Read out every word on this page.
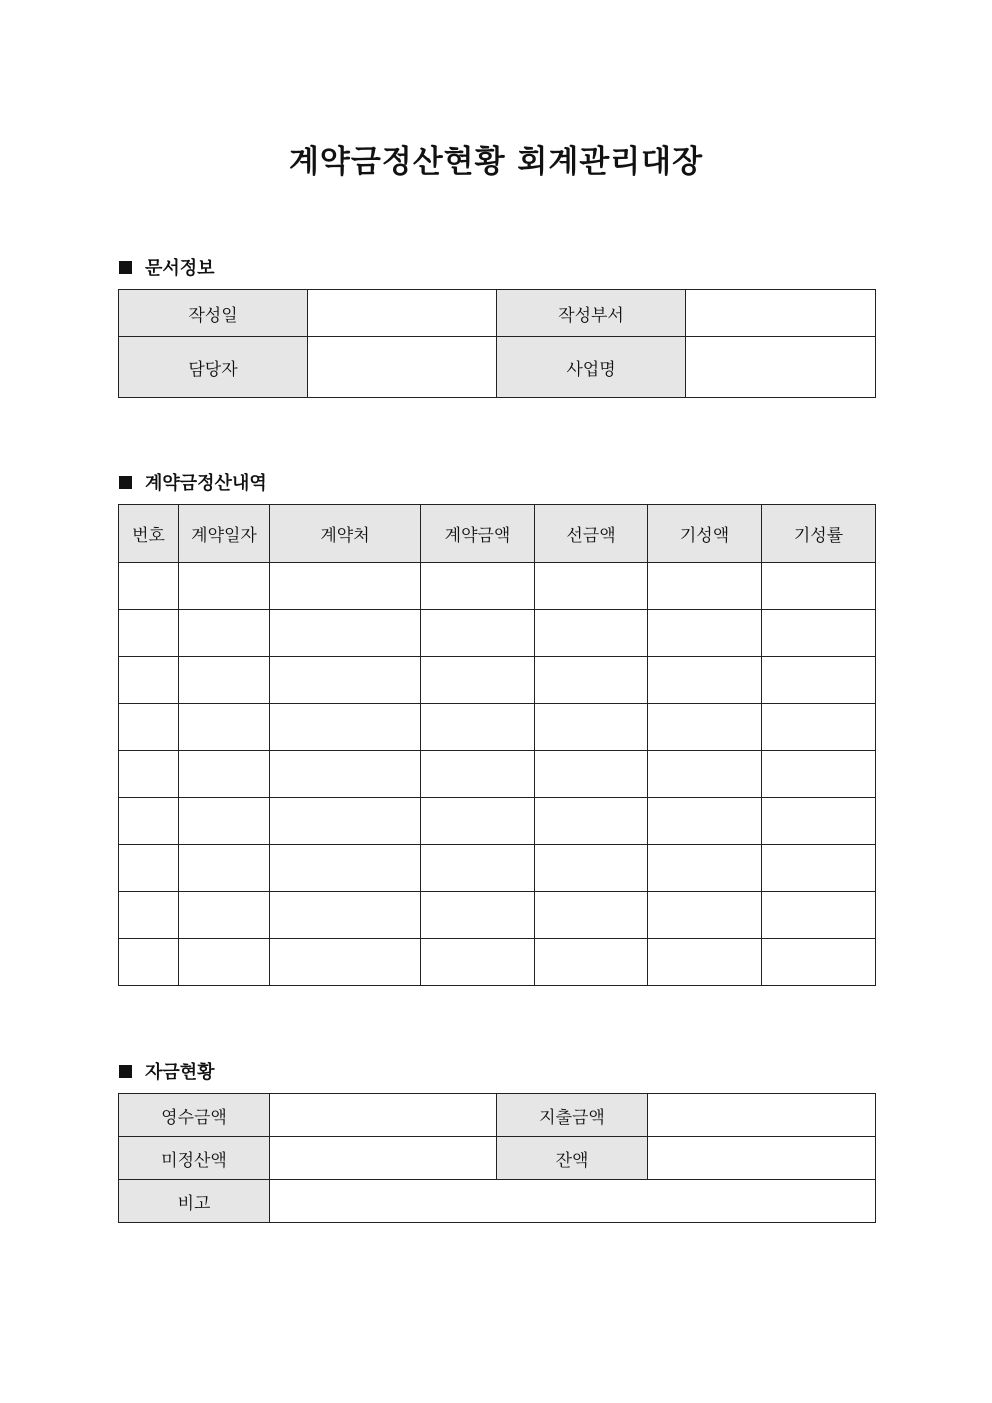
계약금정산현황 회계관리대장
문서정보
작성일		작성부서	
담당자		사업명	
계약금정산내역
번호	계약일자	계약처	계약금액	선금액	기성액	기성률

자금현황
영수금액		지출금액	
미정산액		잔액	
비고			
